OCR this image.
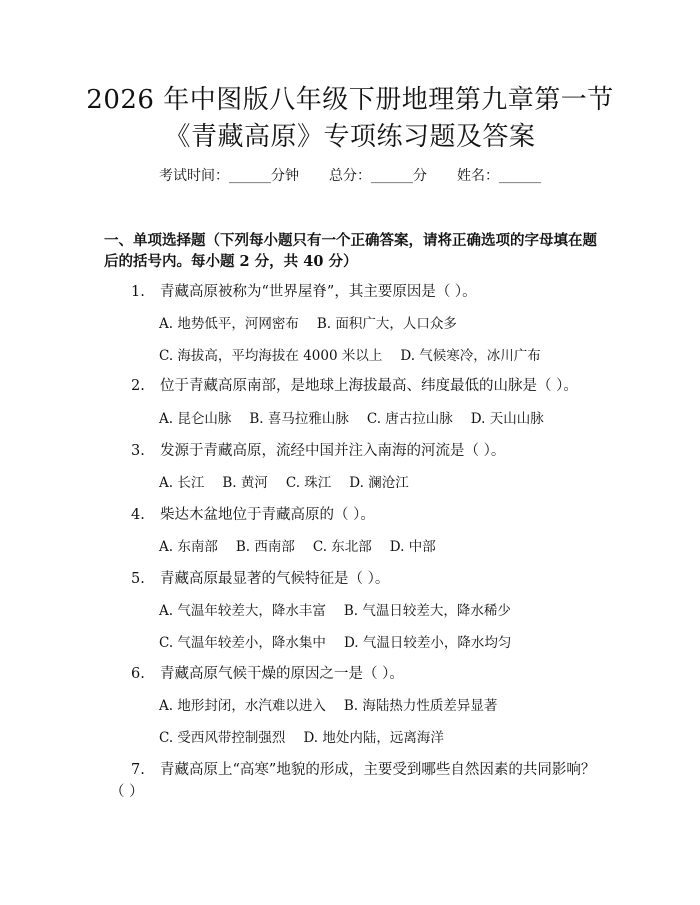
2026 年中图版八年级下册地理第九章第一节
《青藏高原》专项练习题及答案
考试时间：______分钟 总分：______分 姓名：______
一、单项选择题（下列每小题只有一个正确答案，请将正确选项的字母填在题后的括号内。每小题 2 分，共 40 分）
1. 青藏高原被称为“世界屋脊”，其主要原因是（ ）。
A. 地势低平，河网密布 B. 面积广大，人口众多
C. 海拔高，平均海拔在 4000 米以上 D. 气候寒冷，冰川广布
2. 位于青藏高原南部，是地球上海拔最高、纬度最低的山脉是（ ）。
A. 昆仑山脉 B. 喜马拉雅山脉 C. 唐古拉山脉 D. 天山山脉
3. 发源于青藏高原，流经中国并注入南海的河流是（ ）。
A. 长江 B. 黄河 C. 珠江 D. 澜沧江
4. 柴达木盆地位于青藏高原的（ ）。
A. 东南部 B. 西南部 C. 东北部 D. 中部
5. 青藏高原最显著的气候特征是（ ）。
A. 气温年较差大，降水丰富 B. 气温日较差大，降水稀少
C. 气温年较差小，降水集中 D. 气温日较差小，降水均匀
6. 青藏高原气候干燥的原因之一是（ ）。
A. 地形封闭，水汽难以进入 B. 海陆热力性质差异显著
C. 受西风带控制强烈 D. 地处内陆，远离海洋
7. 青藏高原上“高寒”地貌的形成，主要受到哪些自然因素的共同影响？
（ ）
